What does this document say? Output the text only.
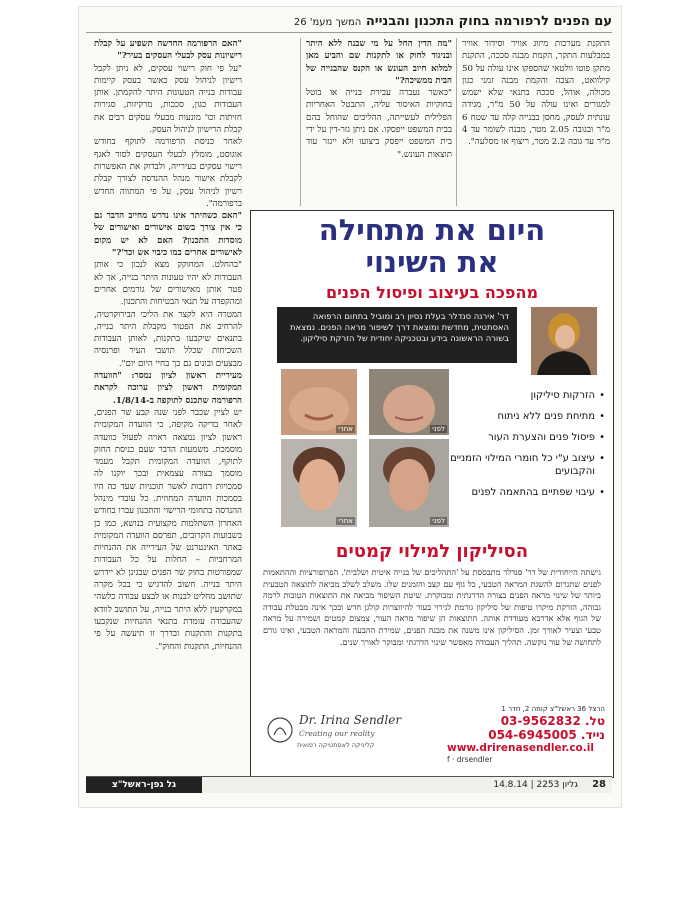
עם הפנים לרפורמה בחוק התכנון והבנייה המשך מעמ' 26

התקנת מערכות מיזוג אוויר וסידור אוויר במבלעות התקר, הקמת מבנה סככה, התקנת מתקן פוטו וולטאי שהספקו אינו עולה על 50 קילוואט, הצבה והקמת מבנה זמני כגון מכולה, אוהל, סככה בתנאי שלא ישמש למגורים ואינו עולה על 50 מ"ר, מגידה עונתית לעסק, מחסן בבנייה קלה עד שטח 6 מ"ר ובגובה 2.05 מטר, מבנה לשומר עד 4 מ"ר עד גובה 2.2 מטר, ריצוף או מסלעה".

"מה הדין החל על מי שבנה ללא היתר ובניגוד לחוק או לתקנות שם והביע מאן למלוא חיוב העונש או הקנס שהבנייה של הבית ממשיכה?"

"כאשר נעברה עבירת בנייה או בוטל בחוקיות האיסור עליה, התבטל האחריות הפלילית לעשייתה, ההליכים שהוחל בהם בבית המשפט ייפסקו. אם ניתן גזר-דין על ידי בית המשפט ייפסק ביצועו ולא ייגזר עוד תוצאות העונש."

"האם הרפורמה החדשה תשפיע על קבלת רישיונות עסק לבעלי העסקים בעיר?"

"על פי חוק רישוי עסקים, לא ניתן לקבל רישיון לניהול עסק כאשר בעסק קיימות עבודות בנייה הטעונות היתר להקמתן. אותן העבודות כגון, סככות, מרקיזות, סגירות חזיתות וכו' מונעות מבעלי עסקים רבים את קבלת הרישיון לניהול העסק.

לאחר כניסת הרפורמה לתוקף בחודש אוגוסט, מומלץ לבעלי העסקים לסור לאגף רישוי עסקים בעירייה, ולבדוק את האפשרות לקבלת אישור מנהל ההנדסה לצורך קבלת רשיון לניהול עסק, על פי המתווה החדש ברפורמה".

"האם כשהיתר אינו נדרש מחייב הדבר גם כי אין צורך בשום אישורים ואישורים של מוסדות התכנון? האם לא יש מקום לאישורים אחרים כמו כיבוי אש וכד'?"

"בהחלט. המחוקק מצא לנכון כי אותן העבודות לא יהיו טעונות היתר בנייה, אך לא פטר אותן מאישורים של גורמים אחרים ומהקפדה על תנאי הבטיחות והתכנון.

המטרה היא לקצר את הליכי הבירוקרטיה, להרחיב את הפטור מקבלת היתר בנייה, בתנאים שיקבעו בתקנות, לאותן העבודות השכיחות שכלל תושבי העיר ופרנסיה מבצעים ובונים גם כך בחיי היום יום".

מעיריית ראשון לציון נמסר: "הוועדה המקומית ראשון לציון ערוכה לקראת הרפורמה שתכנס לתוקפה ב-1/8/14.

יש לציין שכבר לפני שנה קבע שר הפנים, לאחר בדיקה מקיפה, כי הוועדה המקומית ראשון לציון נמצאה ראויה לפעול כוועדה מוסמכת. משמעות הדבר שעם כניסת החוק לתוקף, הוועדה המקומית תקבל מעמד מוסמך בצורה עצמאית ובכך יוקנו לה סמכויות רחבות לאשר תוכניות שעד כה היו בסמכות הוועדה המחוזית. כל עובדי מינהל ההנדסה בתחומי הרישוי והתכנון עברו בחודש האחרון השתלמות מקצועית בנושא, כמו כן בשבועות הקרובים, תפרסם הוועדה המקומית באתר האינטרנט של העירייה את ההנחיות המרחביות – החלות על כל העבודות שמפורטות בחוק שר הפנים שבגינן לא יידרש היתר בנייה. חשוב להדגיש כי בכל מקרה שתושב מחליט לבנות או לבצע עבודה כלשהי במקרקעין ללא היתר בנייה, על התושב לוודא שהעבודה עומדת בתנאי ההנחיות שנקבעו בתקנות והתקנות ובדרך זו תיעשה על פי ההנחיות, התקנות והחוק".

היום את מתחילה
את השינוי
מהפכה בעיצוב ופיסול הפנים
דר' אירנה סנדלר בעלת נסיון רב ומוביל בתחום הרפואה האסתטית, מחדשת ומוצאת דרך לשיפור מראה הפנים. נמצאת בשורה הראשונה בידע ובטכניקה יחודית של הזרקת סיליקון.
אחרי	לפני
אחרי	לפני
•
הזרקות סיליקון
•
מתיחת פנים ללא ניתוח
•
פיסול פנים והצערת העור
•
עיצוב ע"י כל חומרי המילוי הזמניים והקבועים
•
עיבוי שפתיים בהתאמה לפנים
הסיליקון למילוי קמטים
גישתה הייחודית של דר' סנדלר מתבססת על 'התהליכים של בנייה איטית ושלבית'. הפרופורציות וההתאמות לפנים שתגרום להשגת המראה הטבעי, כל גוף עם קצב והזמנים שלו. משלב לשלב מביאה לתוצאה הטבעית ביותר של שינוי מראה הפנים בצורה הדרגתית ומבוקרת. שיטת השיפור מביאה את התוצאות הטובות לרמה גבוהה, הזרקת מיקרו טיפות של סיליקון גורמת לגירוי בעור להיווצרות קולגן חדש ובכך אינה מבטלת עבודה של הגוף אלא אדרבא מעודדת אותה. התוצאות הן שיפור מראה העור, צמצום קמטים ושמירה על מראה טבעי וצעיר לאורך זמן. הסיליקון אינו משנה את מבנה הפנים, שמירת ההבעה והמראה הטבעי, ואינו גורם לתחושה של עור נוקשה. תהליך העבודה מאפשר שינוי הדרגתי ומבוקר לאורך שנים.
Dr. Irina Sendler
Creating our reality
קליניקה לאסתטיקה רפואית
הרצל 36 ראשל"צ קומה 2, חדר 1
טל. 03-9562832
נייד. 054-6945005
www.drirenasendler.co.il
f · drsendler
28
גליון 2253 | 14.8.14
גל גפן-ראשל"צ
